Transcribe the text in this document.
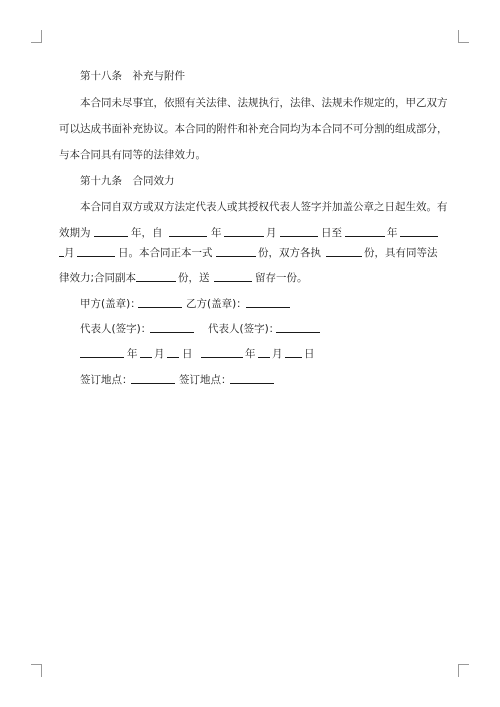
第十八条　补充与附件
本合同未尽事宜，依照有关法律、法规执行，法律、法规未作规定的，甲乙双方
可以达成书面补充协议。本合同的附件和补充合同均为本合同不可分割的组成部分，
与本合同具有同等的法律效力。
第十九条　合同效力
本合同自双方或双方法定代表人或其授权代表人签字并加盖公章之日起生效。有
效期为	年，自	年	月	日至	年
月	日。本合同正本一式	份，双方各执	份，具有同等法
律效力;合同副本	份，送	留存一份。
甲方(盖章)：	乙方(盖章)：
代表人(签字)：	代表人(签字)：
年 月 日	年 月 日
签订地点：	签订地点：
